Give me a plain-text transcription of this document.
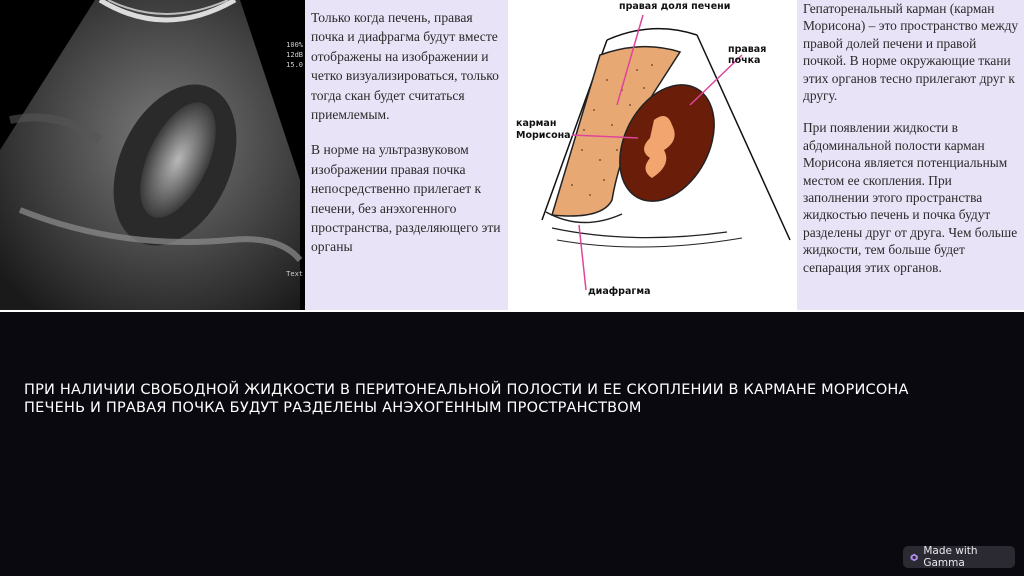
100%
12dB
15.0
Text

Только когда печень, правая почка и диафрагма будут вместе отображены на изображении и четко визуализироваться, только тогда скан будет считаться приемлемым.

В норме на ультразвуковом изображении правая почка непосредственно прилегает к печени, без анэхогенного пространства, разделяющего эти органы

правая доля печени
правая почка
карман
Морисона
диафрагма

Гепаторенальный карман (карман Морисона) – это пространство между правой долей печени и правой почкой. В норме окружающие ткани этих органов тесно прилегают друг к другу.

При появлении жидкости в абдоминальной полости карман Морисона является потенциальным местом ее скопления. При заполнении этого пространства жидкостью печень и почка будут разделены друг от друга. Чем больше жидкости, тем больше будет сепарация этих органов.

ПРИ НАЛИЧИИ СВОБОДНОЙ ЖИДКОСТИ В ПЕРИТОНЕАЛЬНОЙ ПОЛОСТИ И ЕЕ СКОПЛЕНИИ В КАРМАНЕ МОРИСОНА
ПЕЧЕНЬ И ПРАВАЯ ПОЧКА БУДУТ РАЗДЕЛЕНЫ АНЭХОГЕННЫМ ПРОСТРАНСТВОМ
Made with Gamma
